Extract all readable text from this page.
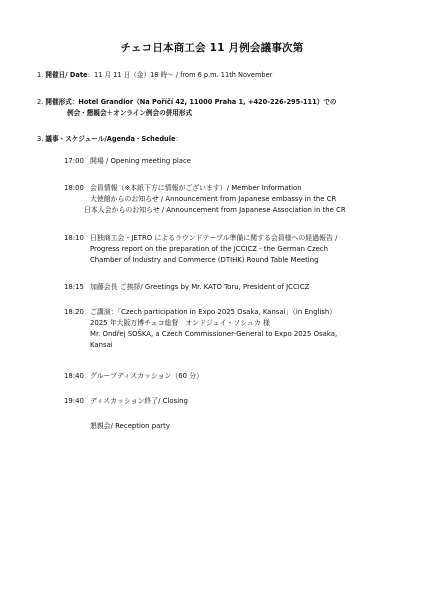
チェコ日本商工会 11 月例会議事次第
1. 開催日/ Date：11 月 11 日（金）18 時～ / from 6 p.m. 11th November
2. 開催形式：Hotel Grandior（Na Poříčí 42, 11000 Praha 1, +420-226-295-111）での
例会・懇親会＋オンライン例会の併用形式
3. 議事・スケジュール/Agenda・Schedule：
17:00 開場 / Opening meeting place
18:00 会員情報（※本紙下方に情報がございます）/ Member Information
大使館からのお知らせ / Announcement from Japanese embassy in the CR
日本人会からのお知らせ / Announcement from Japanese Association in the CR
18:10 日独商工会・JETRO によるラウンドテーブル準備に関する会員様への経過報告 /
Progress report on the preparation of the JCCICZ - the German Czech
Chamber of Industry and Commerce (DTIHK) Round Table Meeting
18:15 加藤会長 ご挨拶/ Greetings by Mr. KATO Toru, President of JCCICZ
18:20 ご講演：「Czech participation in Expo 2025 Osaka, Kansai」（in English）
2025 年大阪万博チェコ総督　オンドジェイ・ソシュカ 様
Mr. Ondřej SOŠKA, a Czech Commissioner-General to Expo 2025 Osaka,
Kansai
18:40 グループディスカッション（60 分）
19:40 ディスカッション終了/ Closing
懇親会/ Reception party
